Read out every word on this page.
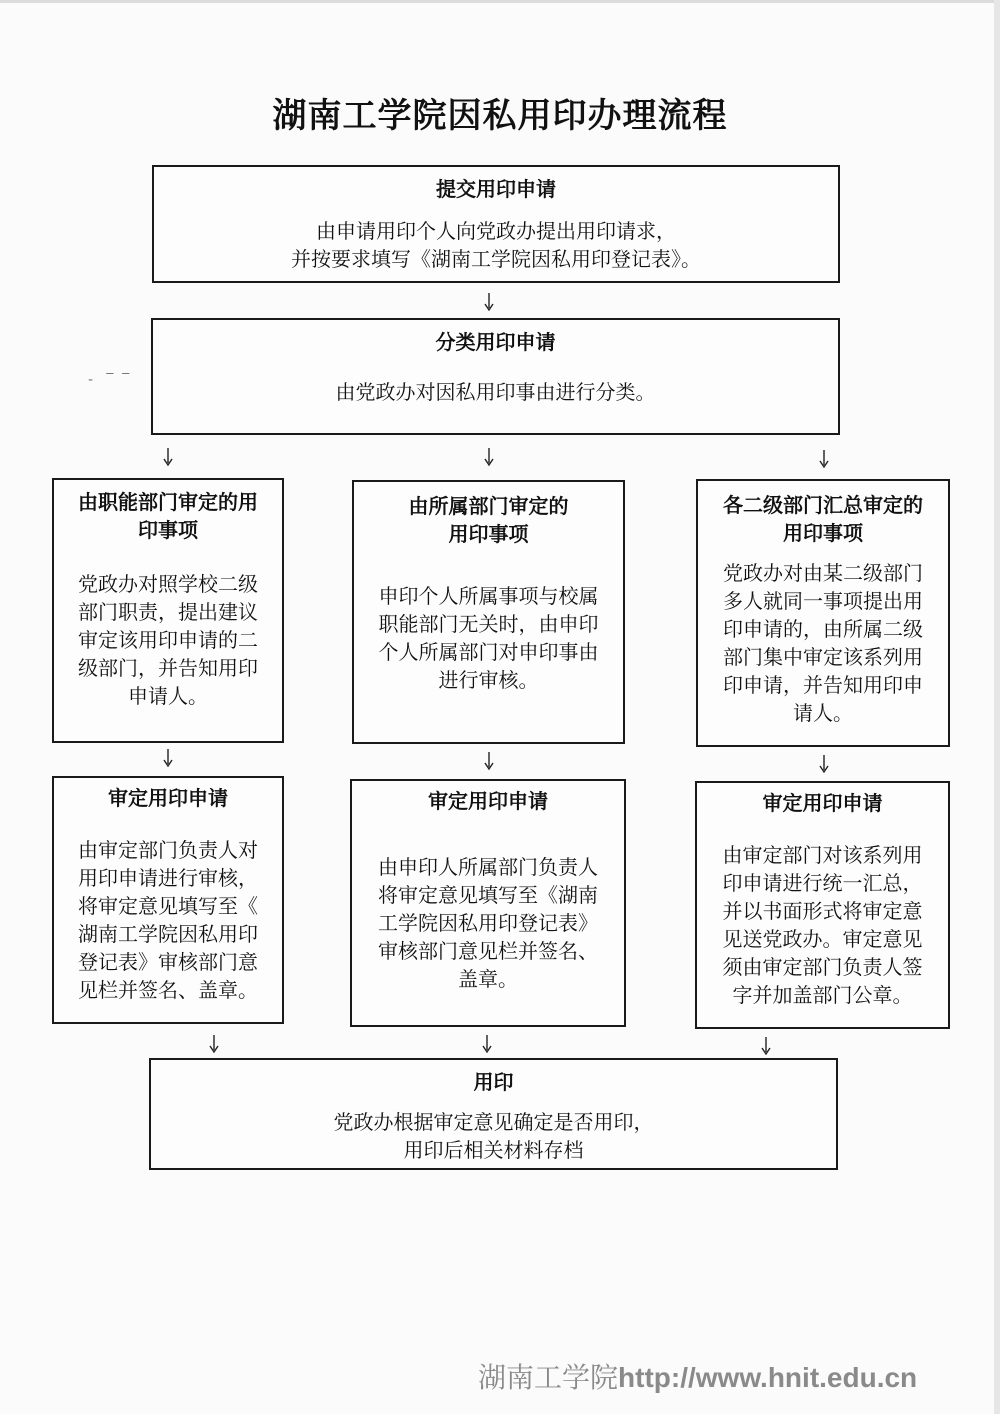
湖南工学院因私用印办理流程
提交用印申请
由申请用印个人向党政办提出用印请求，
并按要求填写《湖南工学院因私用印登记表》。
分类用印申请
由党政办对因私用印事由进行分类。
-   ‾  ‾
由职能部门审定的用
印事项
党政办对照学校二级
部门职责，提出建议
审定该用印申请的二
级部门，并告知用印
申请人。
由所属部门审定的
用印事项
申印个人所属事项与校属
职能部门无关时，由申印
个人所属部门对申印事由
进行审核。
各二级部门汇总审定的
用印事项
党政办对由某二级部门
多人就同一事项提出用
印申请的，由所属二级
部门集中审定该系列用
印申请，并告知用印申
请人。
审定用印申请
由审定部门负责人对
用印申请进行审核，
将审定意见填写至《
湖南工学院因私用印
登记表》审核部门意
见栏并签名、盖章。
审定用印申请
由申印人所属部门负责人
将审定意见填写至《湖南
工学院因私用印登记表》
审核部门意见栏并签名、
盖章。
审定用印申请
由审定部门对该系列用
印申请进行统一汇总，
并以书面形式将审定意
见送党政办。审定意见
须由审定部门负责人签
字并加盖部门公章。
用印
党政办根据审定意见确定是否用印，
用印后相关材料存档
湖南工学院http://www.hnit.edu.cn
